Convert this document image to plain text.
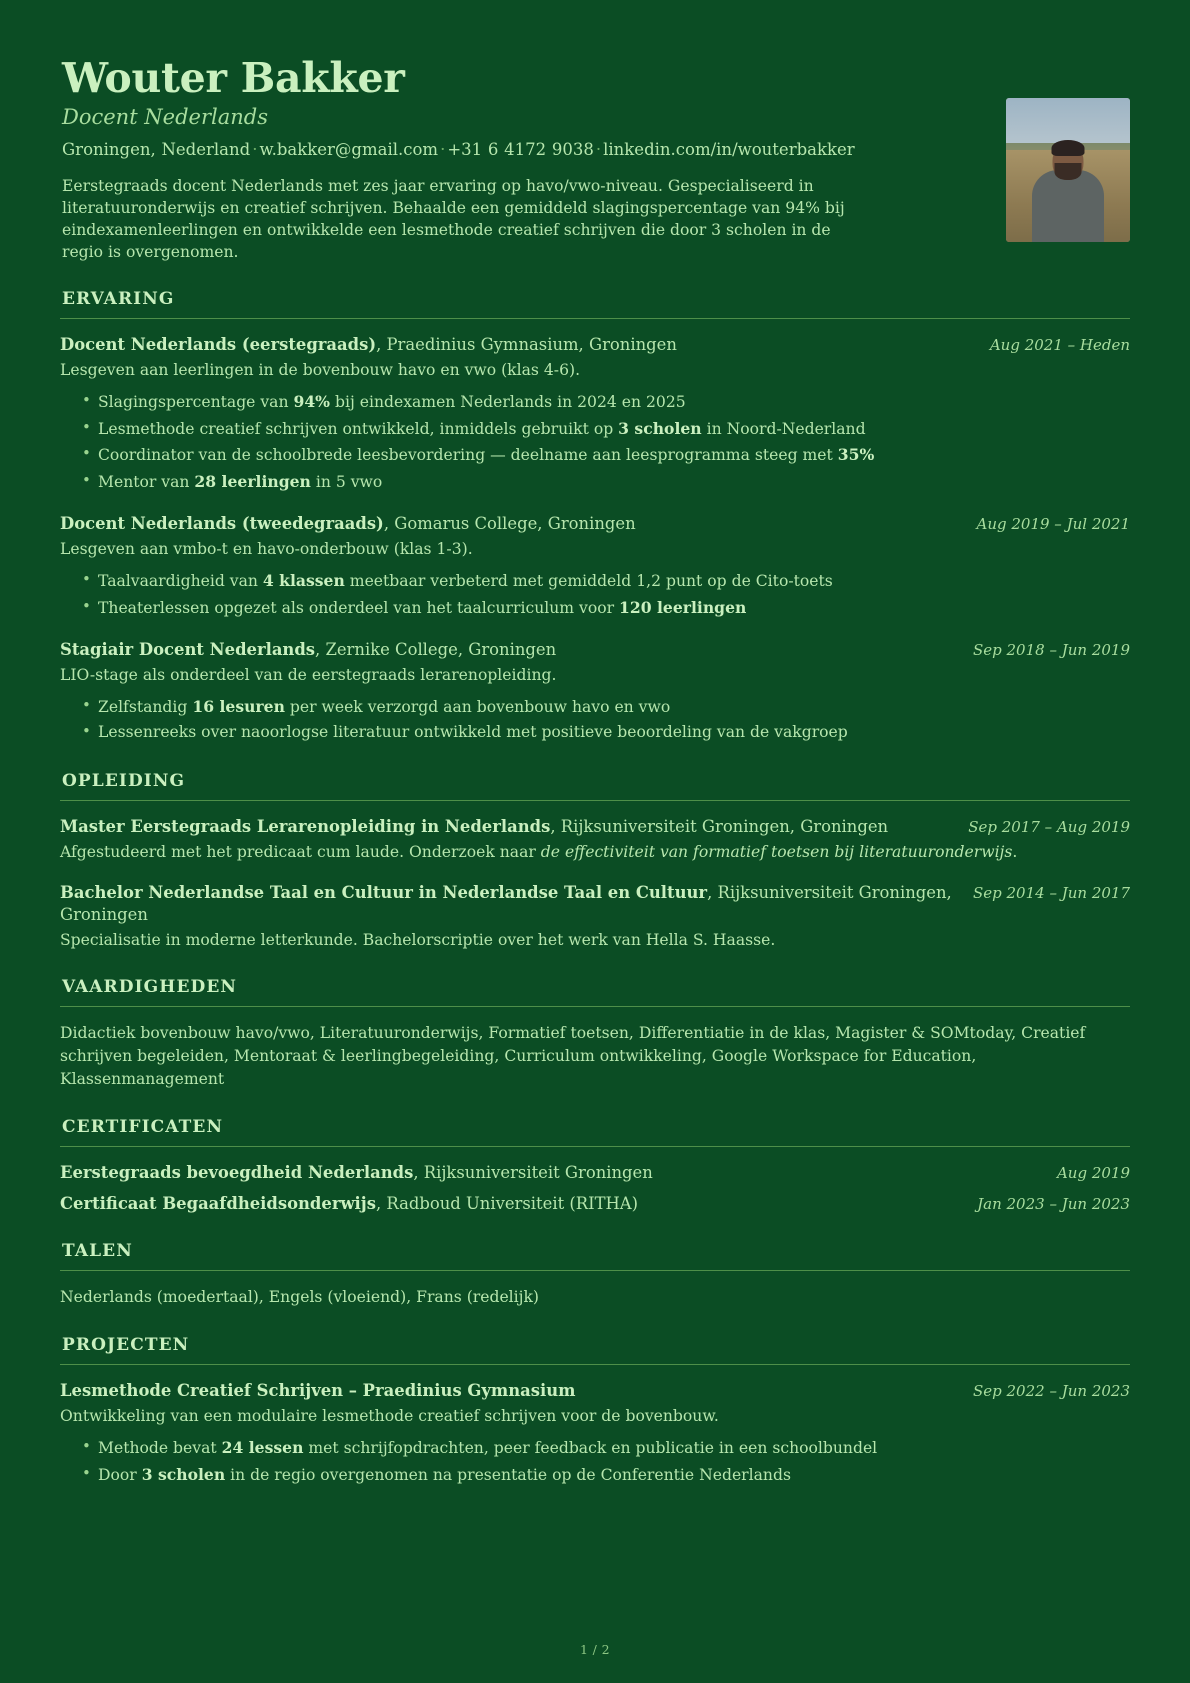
Wouter Bakker
Docent Nederlands
Groningen, Nederland · w.bakker@gmail.com · +31 6 4172 9038 · linkedin.com/in/wouterbakker

Eerstegraads docent Nederlands met zes jaar ervaring op havo/vwo-niveau. Gespecialiseerd in literatuuronderwijs en creatief schrijven. Behaalde een gemiddeld slagingspercentage van 94% bij eindexamenleerlingen en ontwikkelde een lesmethode creatief schrijven die door 3 scholen in de regio is overgenomen.

ERVARING
Docent Nederlands (eerstegraads), Praedinius Gymnasium, Groningen	Aug 2021 – Heden
Lesgeven aan leerlingen in de bovenbouw havo en vwo (klas 4-6).
• Slagingspercentage van 94% bij eindexamen Nederlands in 2024 en 2025
• Lesmethode creatief schrijven ontwikkeld, inmiddels gebruikt op 3 scholen in Noord-Nederland
• Coordinator van de schoolbrede leesbevordering — deelname aan leesprogramma steeg met 35%
• Mentor van 28 leerlingen in 5 vwo
Docent Nederlands (tweedegraads), Gomarus College, Groningen	Aug 2019 – Jul 2021
Lesgeven aan vmbo-t en havo-onderbouw (klas 1-3).
• Taalvaardigheid van 4 klassen meetbaar verbeterd met gemiddeld 1,2 punt op de Cito-toets
• Theaterlessen opgezet als onderdeel van het taalcurriculum voor 120 leerlingen
Stagiair Docent Nederlands, Zernike College, Groningen	Sep 2018 – Jun 2019
LIO-stage als onderdeel van de eerstegraads lerarenopleiding.
• Zelfstandig 16 lesuren per week verzorgd aan bovenbouw havo en vwo
• Lessenreeks over naoorlogse literatuur ontwikkeld met positieve beoordeling van de vakgroep
OPLEIDING
Master Eerstegraads Lerarenopleiding in Nederlands, Rijksuniversiteit Groningen, Groningen	Sep 2017 – Aug 2019
Afgestudeerd met het predicaat cum laude. Onderzoek naar de effectiviteit van formatief toetsen bij literatuuronderwijs.
Bachelor Nederlandse Taal en Cultuur in Nederlandse Taal en Cultuur, Rijksuniversiteit Groningen, Groningen
Sep 2014 – Jun 2017
Specialisatie in moderne letterkunde. Bachelorscriptie over het werk van Hella S. Haasse.
VAARDIGHEDEN

Didactiek bovenbouw havo/vwo, Literatuuronderwijs, Formatief toetsen, Differentiatie in de klas, Magister & SOMtoday, Creatief schrijven begeleiden, Mentoraat & leerlingbegeleiding, Curriculum ontwikkeling, Google Workspace for Education, Klassenmanagement

CERTIFICATEN
Eerstegraads bevoegdheid Nederlands, Rijksuniversiteit Groningen	Aug 2019
Certificaat Begaafdheidsonderwijs, Radboud Universiteit (RITHA)	Jan 2023 – Jun 2023
TALEN

Nederlands (moedertaal), Engels (vloeiend), Frans (redelijk)

PROJECTEN
Lesmethode Creatief Schrijven – Praedinius Gymnasium	Sep 2022 – Jun 2023
Ontwikkeling van een modulaire lesmethode creatief schrijven voor de bovenbouw.
• Methode bevat 24 lessen met schrijfopdrachten, peer feedback en publicatie in een schoolbundel
• Door 3 scholen in de regio overgenomen na presentatie op de Conferentie Nederlands
1 / 2
